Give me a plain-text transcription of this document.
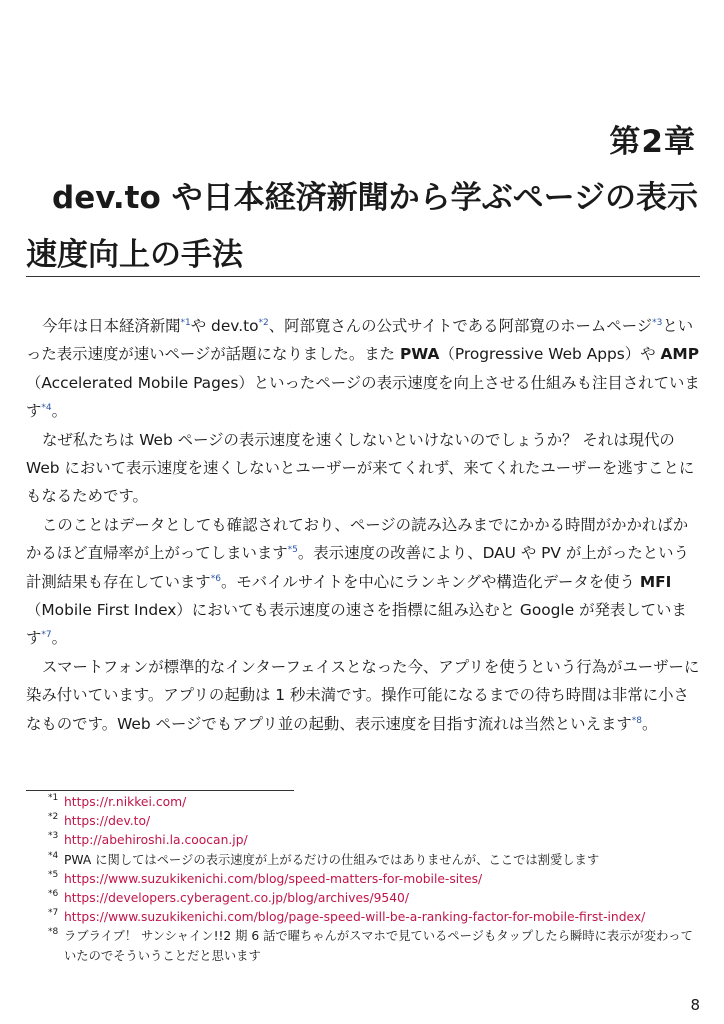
第2章
dev.to や日本経済新聞から学ぶページの表示速度向上の手法

今年は日本経済新聞$^{*1}$や dev.to$^{*2}$、阿部寛さんの公式サイトである阿部寛のホームページ$^{*3}$といった表示速度が速いページが話題になりました。また PWA（Progressive Web Apps）や AMP（Accelerated Mobile Pages）といったページの表示速度を向上させる仕組みも注目されています$^{*4}$。

なぜ私たちは Web ページの表示速度を速くしないといけないのでしょうか？ それは現代の Web において表示速度を速くしないとユーザーが来てくれず、来てくれたユーザーを逃すことにもなるためです。

このことはデータとしても確認されており、ページの読み込みまでにかかる時間がかかればかかるほど直帰率が上がってしまいます$^{*5}$。表示速度の改善により、DAU や PV が上がったという計測結果も存在しています$^{*6}$。モバイルサイトを中心にランキングや構造化データを使う MFI（Mobile First Index）においても表示速度の速さを指標に組み込むと Google が発表しています$^{*7}$。

スマートフォンが標準的なインターフェイスとなった今、アプリを使うという行為がユーザーに染み付いています。アプリの起動は 1 秒未満です。操作可能になるまでの待ち時間は非常に小さなものです。Web ページでもアプリ並の起動、表示速度を目指す流れは当然といえます$^{*8}$。

*1 https://r.nikkei.com/
*2 https://dev.to/
*3 http://abehiroshi.la.coocan.jp/
*4 PWA に関してはページの表示速度が上がるだけの仕組みではありませんが、ここでは割愛します
*5 https://www.suzukikenichi.com/blog/speed-matters-for-mobile-sites/
*6 https://developers.cyberagent.co.jp/blog/archives/9540/
*7 https://www.suzukikenichi.com/blog/page-speed-will-be-a-ranking-factor-for-mobile-first-index/
*8 ラブライブ！ サンシャイン!!2 期 6 話で曜ちゃんがスマホで見ているページもタップしたら瞬時に表示が変わっていたのでそういうことだと思います
8
